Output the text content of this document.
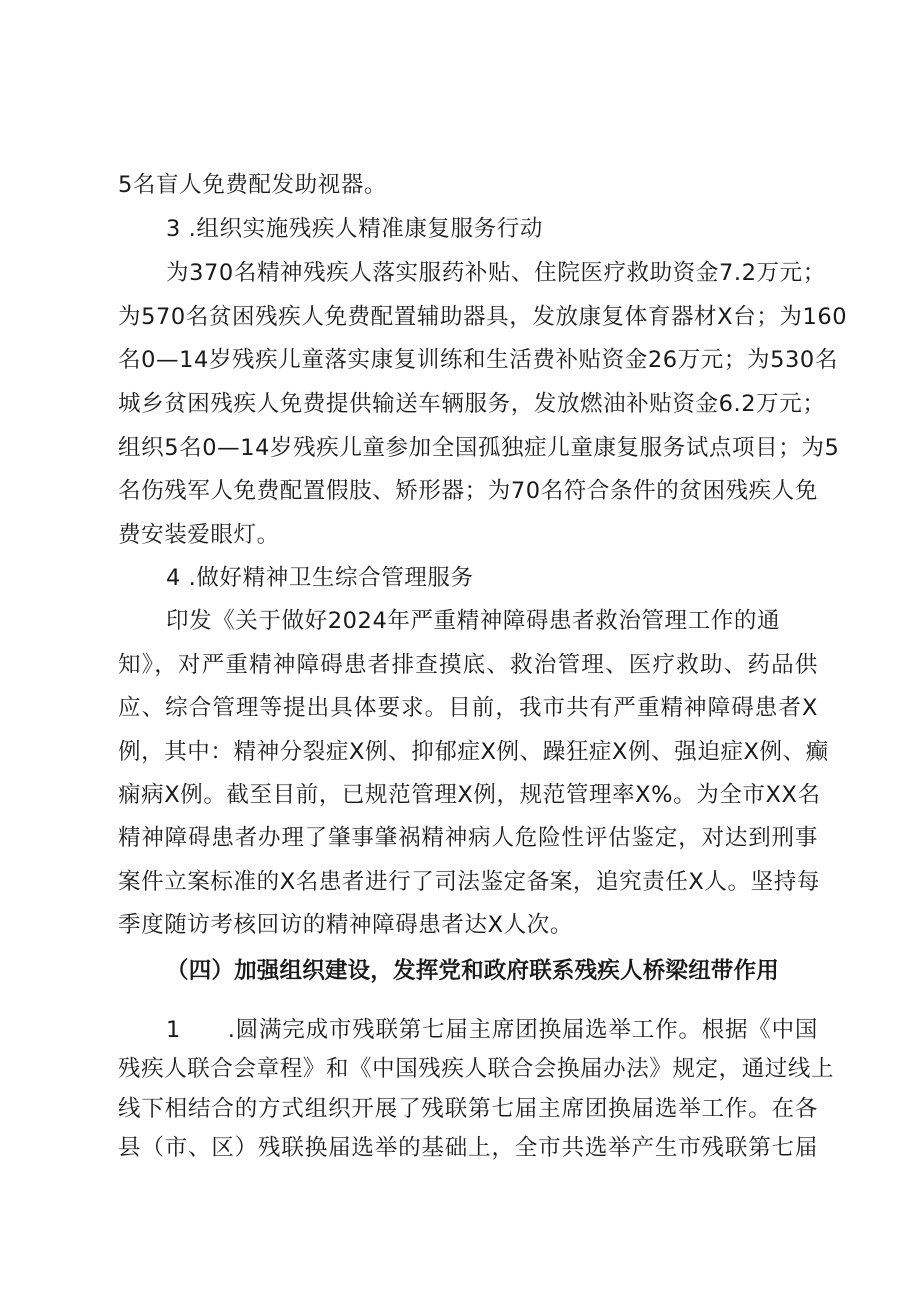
5名盲人免费配发助视器。
3 .组织实施残疾人精准康复服务行动
为370名精神残疾人落实服药补贴、住院医疗救助资金7.2万元；
为570名贫困残疾人免费配置辅助器具，发放康复体育器材X台；为160
名0—14岁残疾儿童落实康复训练和生活费补贴资金26万元；为530名
城乡贫困残疾人免费提供输送车辆服务，发放燃油补贴资金6.2万元；
组织5名0—14岁残疾儿童参加全国孤独症儿童康复服务试点项目；为5
名伤残军人免费配置假肢、矫形器；为70名符合条件的贫困残疾人免
费安装爱眼灯。
4 .做好精神卫生综合管理服务
印发《关于做好2024年严重精神障碍患者救治管理工作的通
知》，对严重精神障碍患者排查摸底、救治管理、医疗救助、药品供
应、综合管理等提出具体要求。目前，我市共有严重精神障碍患者X
例，其中：精神分裂症X例、抑郁症X例、躁狂症X例、强迫症X例、癫
痫病X例。截至目前，已规范管理X例，规范管理率X%。为全市XX名
精神障碍患者办理了肇事肇祸精神病人危险性评估鉴定，对达到刑事
案件立案标准的X名患者进行了司法鉴定备案，追究责任X人。坚持每
季度随访考核回访的精神障碍患者达X人次。
（四）加强组织建设，发挥党和政府联系残疾人桥梁纽带作用
1　　.圆满完成市残联第七届主席团换届选举工作。根据《中国
残疾人联合会章程》和《中国残疾人联合会换届办法》规定，通过线上
线下相结合的方式组织开展了残联第七届主席团换届选举工作。在各
县（市、区）残联换届选举的基础上，全市共选举产生市残联第七届
